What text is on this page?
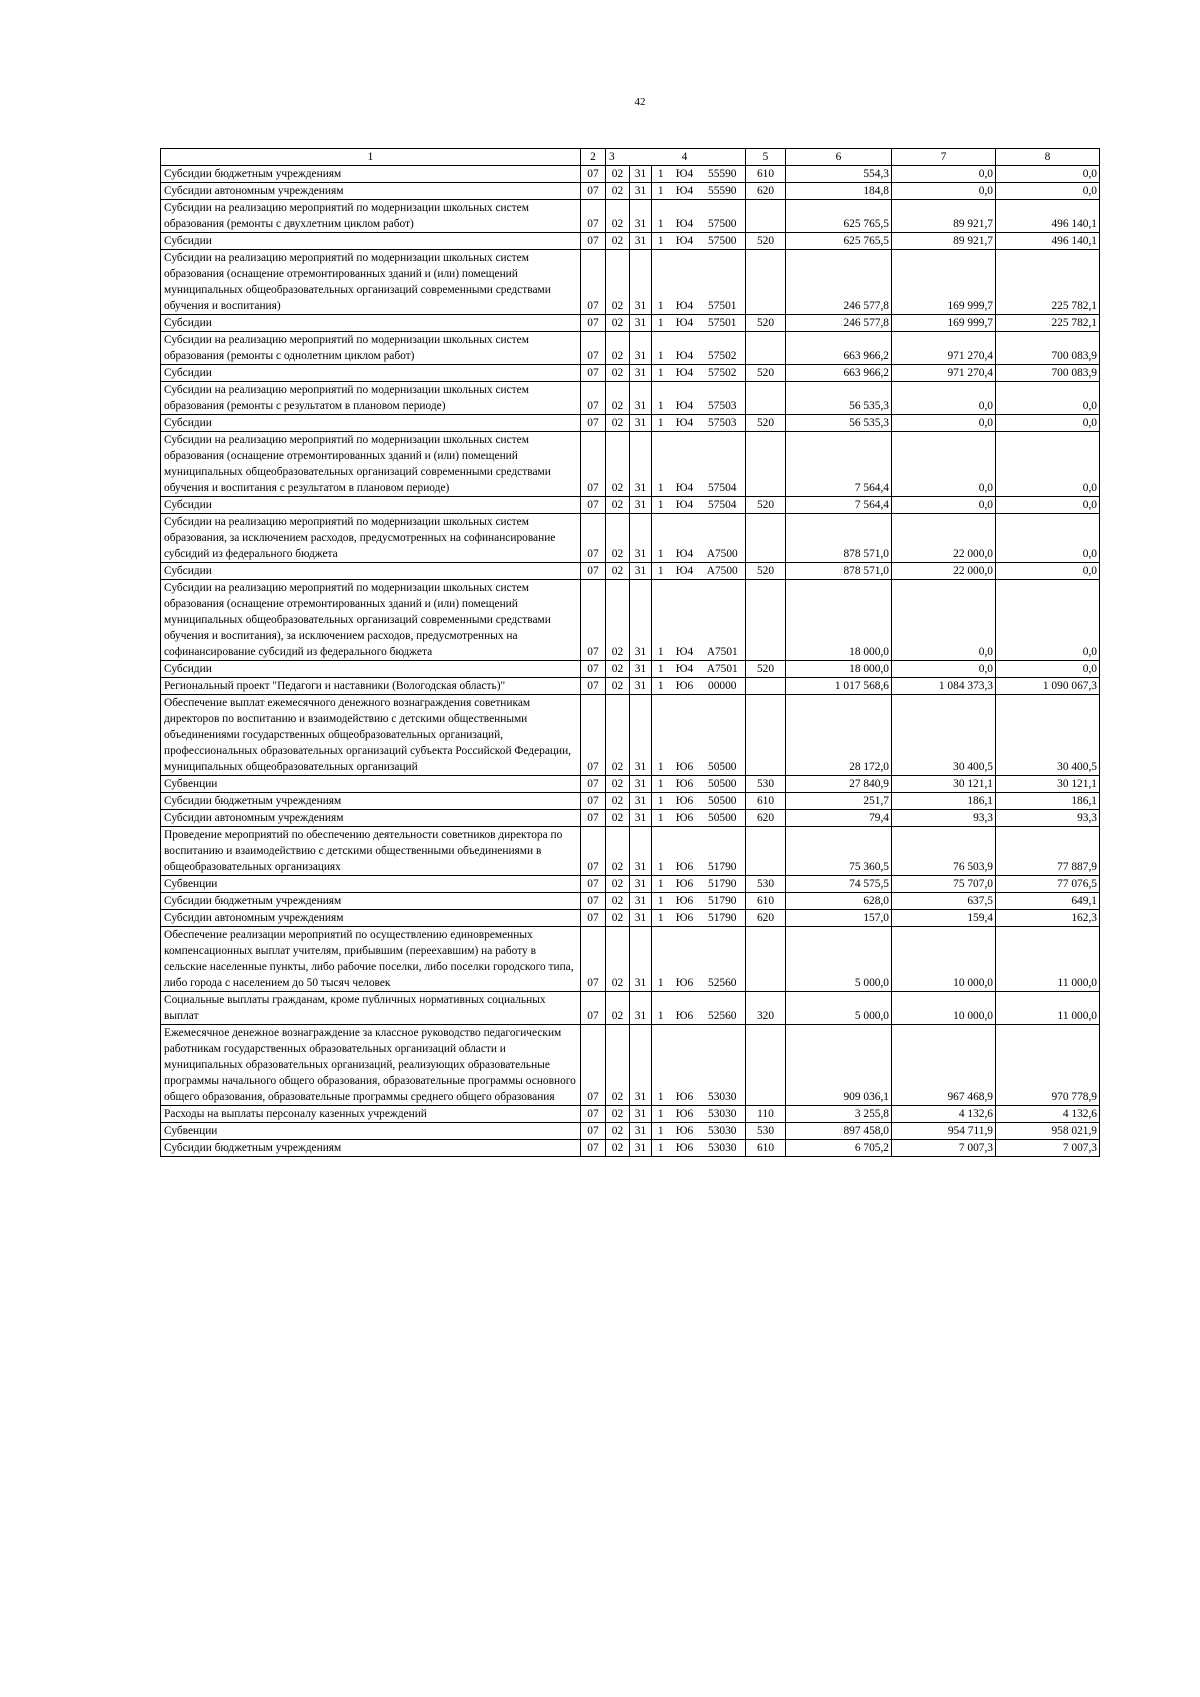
42
1	2	3			4		5	6	7	8
Субсидии бюджетным учреждениям	07	02	31	1	Ю4	55590	610	554,3	0,0	0,0
Субсидии автономным учреждениям	07	02	31	1	Ю4	55590	620	184,8	0,0	0,0
Субсидии на реализацию мероприятий по модернизации школьных систем образования (ремонты с двухлетним циклом работ)	07	02	31	1	Ю4	57500		625 765,5	89 921,7	496 140,1
Субсидии	07	02	31	1	Ю4	57500	520	625 765,5	89 921,7	496 140,1
Субсидии на реализацию мероприятий по модернизации школьных систем образования (оснащение отремонтированных зданий и (или) помещений муниципальных общеобразовательных организаций современными средствами обучения и воспитания)	07	02	31	1	Ю4	57501		246 577,8	169 999,7	225 782,1
Субсидии	07	02	31	1	Ю4	57501	520	246 577,8	169 999,7	225 782,1
Субсидии на реализацию мероприятий по модернизации школьных систем образования (ремонты с однолетним циклом работ)	07	02	31	1	Ю4	57502		663 966,2	971 270,4	700 083,9
Субсидии	07	02	31	1	Ю4	57502	520	663 966,2	971 270,4	700 083,9
Субсидии на реализацию мероприятий по модернизации школьных систем образования (ремонты с результатом в плановом периоде)	07	02	31	1	Ю4	57503		56 535,3	0,0	0,0
Субсидии	07	02	31	1	Ю4	57503	520	56 535,3	0,0	0,0
Субсидии на реализацию мероприятий по модернизации школьных систем образования (оснащение отремонтированных зданий и (или) помещений муниципальных общеобразовательных организаций современными средствами обучения и воспитания с результатом в плановом периоде)	07	02	31	1	Ю4	57504		7 564,4	0,0	0,0
Субсидии	07	02	31	1	Ю4	57504	520	7 564,4	0,0	0,0
Субсидии на реализацию мероприятий по модернизации школьных систем образования, за исключением расходов, предусмотренных на софинансирование субсидий из федерального бюджета	07	02	31	1	Ю4	А7500		878 571,0	22 000,0	0,0
Субсидии	07	02	31	1	Ю4	А7500	520	878 571,0	22 000,0	0,0
Субсидии на реализацию мероприятий по модернизации школьных систем образования (оснащение отремонтированных зданий и (или) помещений муниципальных общеобразовательных организаций современными средствами обучения и воспитания), за исключением расходов, предусмотренных на софинансирование субсидий из федерального бюджета	07	02	31	1	Ю4	А7501		18 000,0	0,0	0,0
Субсидии	07	02	31	1	Ю4	А7501	520	18 000,0	0,0	0,0
Региональный проект "Педагоги и наставники (Вологодская область)"	07	02	31	1	Ю6	00000		1 017 568,6	1 084 373,3	1 090 067,3
Обеспечение выплат ежемесячного денежного вознаграждения советникам директоров по воспитанию и взаимодействию с детскими общественными объединениями государственных общеобразовательных организаций, профессиональных образовательных организаций субъекта Российской Федерации, муниципальных общеобразовательных организаций	07	02	31	1	Ю6	50500		28 172,0	30 400,5	30 400,5
Субвенции	07	02	31	1	Ю6	50500	530	27 840,9	30 121,1	30 121,1
Субсидии бюджетным учреждениям	07	02	31	1	Ю6	50500	610	251,7	186,1	186,1
Субсидии автономным учреждениям	07	02	31	1	Ю6	50500	620	79,4	93,3	93,3
Проведение мероприятий по обеспечению деятельности советников директора по воспитанию и взаимодействию с детскими общественными объединениями в общеобразовательных организациях	07	02	31	1	Ю6	51790		75 360,5	76 503,9	77 887,9
Субвенции	07	02	31	1	Ю6	51790	530	74 575,5	75 707,0	77 076,5
Субсидии бюджетным учреждениям	07	02	31	1	Ю6	51790	610	628,0	637,5	649,1
Субсидии автономным учреждениям	07	02	31	1	Ю6	51790	620	157,0	159,4	162,3
Обеспечение реализации мероприятий по осуществлению единовременных компенсационных выплат учителям, прибывшим (переехавшим) на работу в сельские населенные пункты, либо рабочие поселки, либо поселки городского типа, либо города с населением до 50 тысяч человек	07	02	31	1	Ю6	52560		5 000,0	10 000,0	11 000,0
Социальные выплаты гражданам, кроме публичных нормативных социальных выплат	07	02	31	1	Ю6	52560	320	5 000,0	10 000,0	11 000,0
Ежемесячное денежное вознаграждение за классное руководство педагогическим работникам государственных образовательных организаций области и муниципальных образовательных организаций, реализующих образовательные программы начального общего образования, образовательные программы основного общего образования, образовательные программы среднего общего образования	07	02	31	1	Ю6	53030		909 036,1	967 468,9	970 778,9
Расходы на выплаты персоналу казенных учреждений	07	02	31	1	Ю6	53030	110	3 255,8	4 132,6	4 132,6
Субвенции	07	02	31	1	Ю6	53030	530	897 458,0	954 711,9	958 021,9
Субсидии бюджетным учреждениям	07	02	31	1	Ю6	53030	610	6 705,2	7 007,3	7 007,3
